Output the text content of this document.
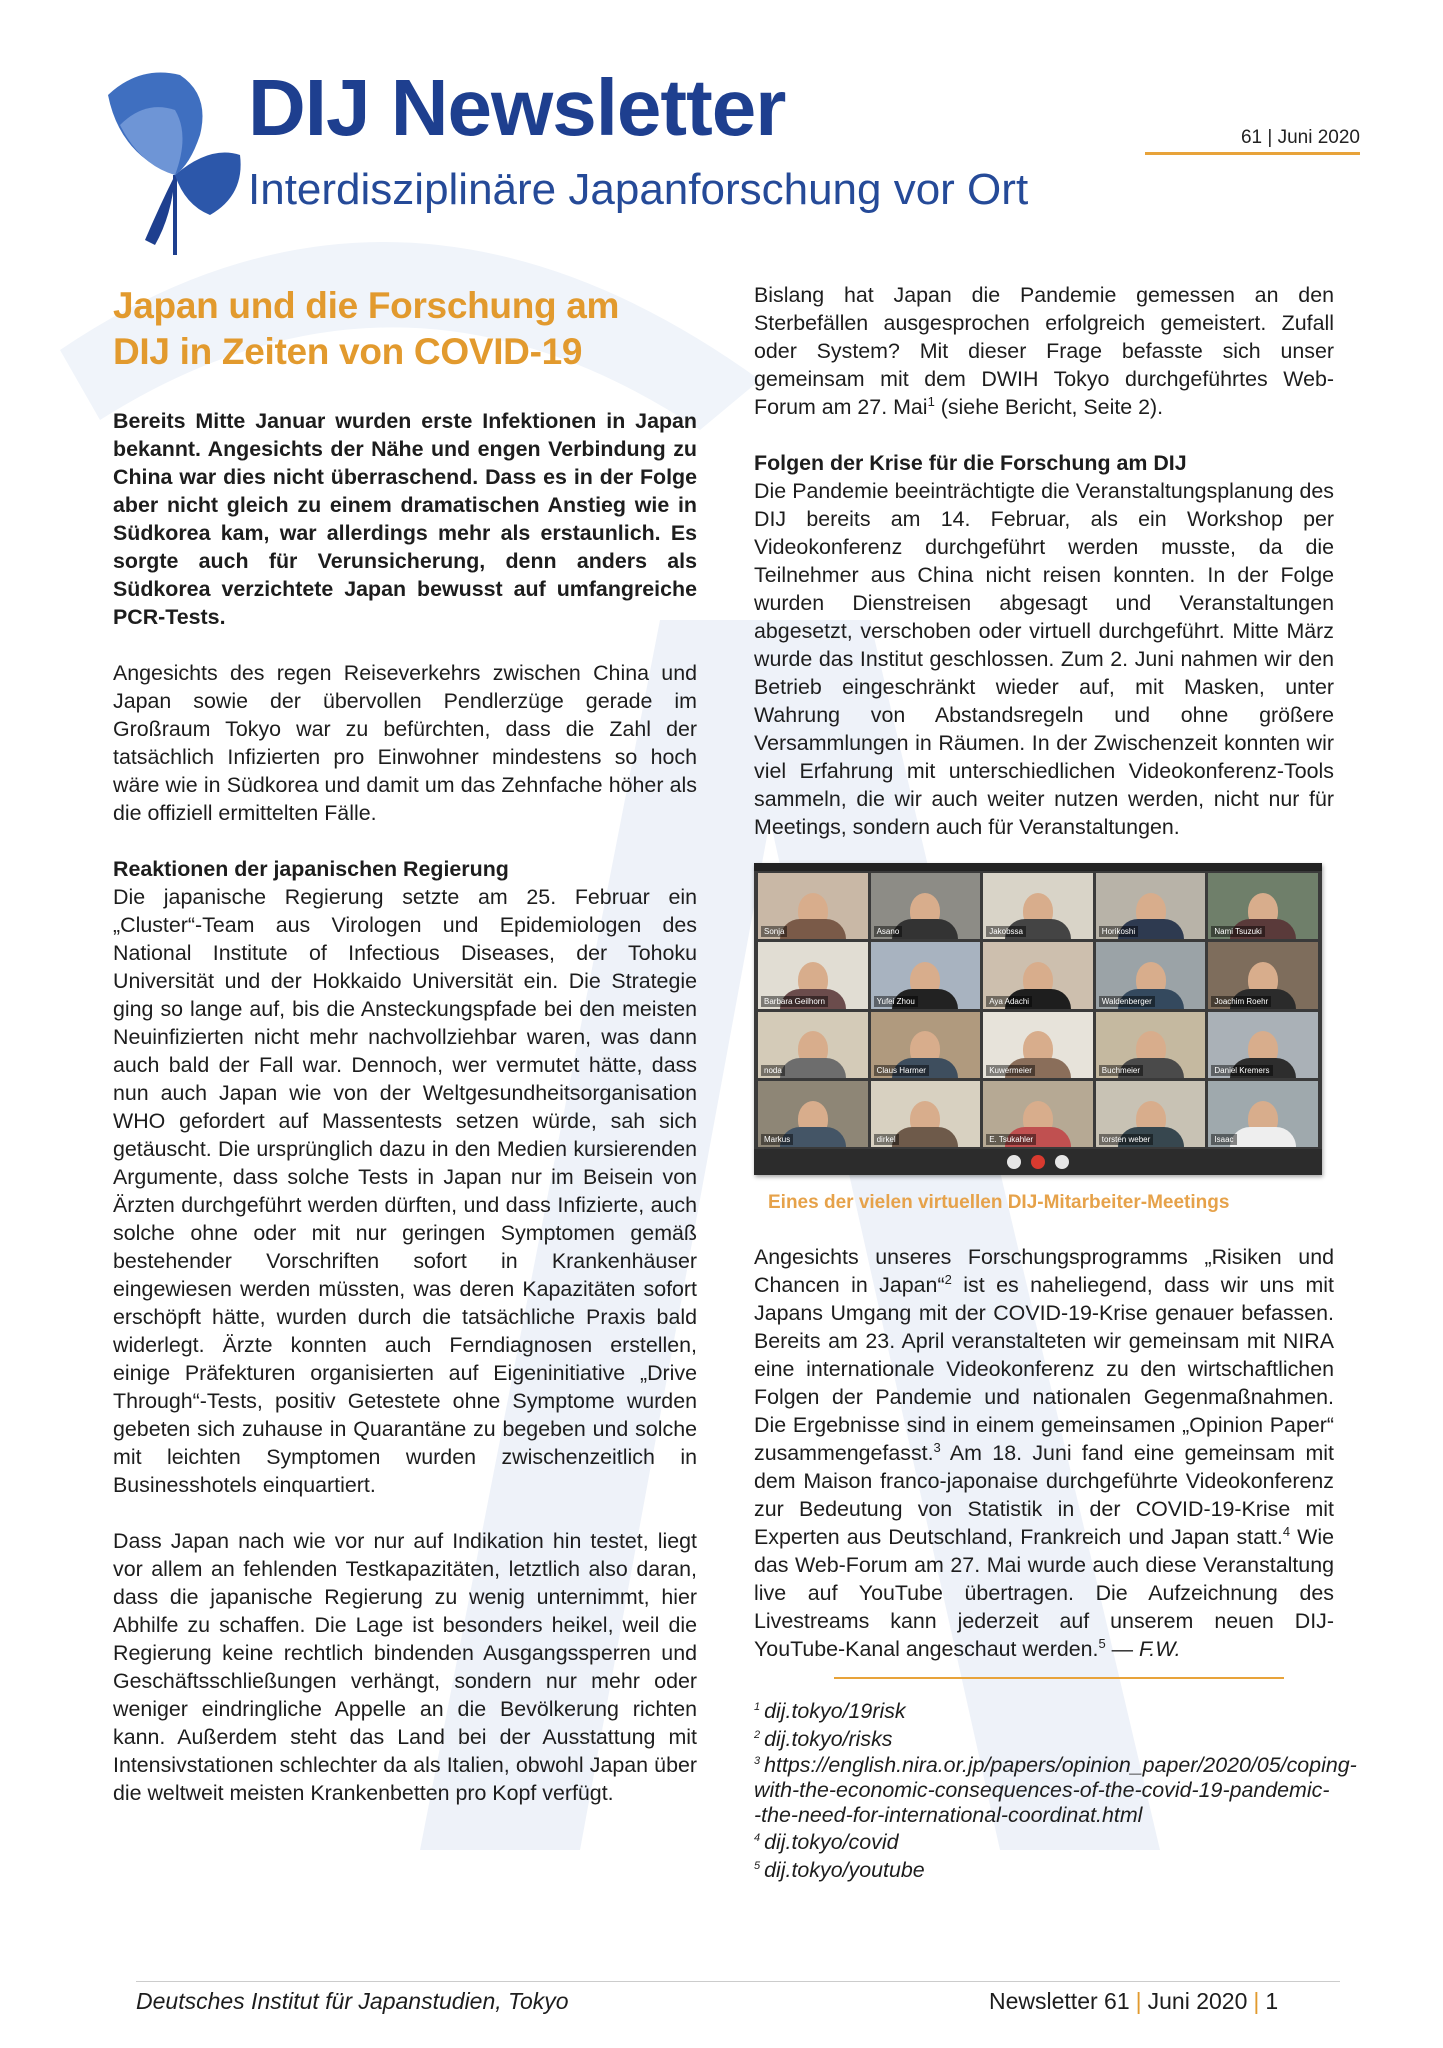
DIJ Newsletter
Interdisziplinäre Japanforschung vor Ort
61 | Juni 2020
Japan und die Forschung am
DIJ in Zeiten von COVID-19

Bereits Mitte Januar wurden erste Infektionen in Japan bekannt. Angesichts der Nähe und engen Verbindung zu China war dies nicht überraschend. Dass es in der Folge aber nicht gleich zu einem dramatischen Anstieg wie in Südkorea kam, war allerdings mehr als erstaunlich. Es sorgte auch für Verunsicherung, denn anders als Südkorea verzichtete Japan bewusst auf umfangreiche PCR-Tests.

Angesichts des regen Reiseverkehrs zwischen China und Japan sowie der übervollen Pendlerzüge gerade im Großraum Tokyo war zu befürchten, dass die Zahl der tatsächlich Infizierten pro Einwohner mindestens so hoch wäre wie in Südkorea und damit um das Zehnfache höher als die offiziell ermittelten Fälle.

Reaktionen der japanischen Regierung

Die japanische Regierung setzte am 25. Februar ein „Cluster“-Team aus Virologen und Epidemiologen des National Institute of Infectious Diseases, der Tohoku Universität und der Hokkaido Universität ein. Die Strategie ging so lange auf, bis die Ansteckungspfade bei den meisten Neuinfizierten nicht mehr nachvollziehbar waren, was dann auch bald der Fall war. Dennoch, wer vermutet hätte, dass nun auch Japan wie von der Weltgesundheitsorganisation WHO gefordert auf Massentests setzen würde, sah sich getäuscht. Die ursprünglich dazu in den Medien kursierenden Argumente, dass solche Tests in Japan nur im Beisein von Ärzten durchgeführt werden dürften, und dass Infizierte, auch solche ohne oder mit nur geringen Symptomen gemäß bestehender Vorschriften sofort in Krankenhäuser eingewiesen werden müssten, was deren Kapazitäten sofort erschöpft hätte, wurden durch die tatsächliche Praxis bald widerlegt. Ärzte konnten auch Ferndiagnosen erstellen, einige Präfekturen organisierten auf Eigeninitiative „Drive Through“-Tests, positiv Getestete ohne Symptome wurden gebeten sich zuhause in Quarantäne zu begeben und solche mit leichten Symptomen wurden zwischenzeitlich in Businesshotels einquartiert.

Dass Japan nach wie vor nur auf Indikation hin testet, liegt vor allem an fehlenden Testkapazitäten, letztlich also daran, dass die japanische Regierung zu wenig unternimmt, hier Abhilfe zu schaffen. Die Lage ist besonders heikel, weil die Regierung keine rechtlich bindenden Ausgangssperren und Geschäftsschließungen verhängt, sondern nur mehr oder weniger eindringliche Appelle an die Bevölkerung richten kann. Außerdem steht das Land bei der Ausstattung mit Intensivstationen schlechter da als Italien, obwohl Japan über die weltweit meisten Krankenbetten pro Kopf verfügt.

Bislang hat Japan die Pandemie gemessen an den Sterbefällen ausgesprochen erfolgreich gemeistert. Zufall oder System? Mit dieser Frage befasste sich unser gemeinsam mit dem DWIH Tokyo durchgeführtes Web-Forum am 27. Mai$^1$ (siehe Bericht, Seite 2).

Folgen der Krise für die Forschung am DIJ

Die Pandemie beeinträchtigte die Veranstaltungsplanung des DIJ bereits am 14. Februar, als ein Workshop per Videokonferenz durchgeführt werden musste, da die Teilnehmer aus China nicht reisen konnten. In der Folge wurden Dienstreisen abgesagt und Veranstaltungen abgesetzt, verschoben oder virtuell durchgeführt. Mitte März wurde das Institut geschlossen. Zum 2. Juni nahmen wir den Betrieb eingeschränkt wieder auf, mit Masken, unter Wahrung von Abstandsregeln und ohne größere Versammlungen in Räumen. In der Zwischenzeit konnten wir viel Erfahrung mit unterschiedlichen Videokonferenz-Tools sammeln, die wir auch weiter nutzen werden, nicht nur für Meetings, sondern auch für Veranstaltungen.

Sonja	Asano	Jakobssa	Horikoshi	Nami Tsuzuki
Barbara Geilhorn	Yufei Zhou	Aya Adachi	Waldenberger	Joachim Roehr
noda	Claus Harmer	Kuwermeier	Buchmeier	Daniel Kremers
Markus	dirkel	E. Tsukahler	torsten weber	Isaac
Eines der vielen virtuellen DIJ-Mitarbeiter-Meetings

Angesichts unseres Forschungsprogramms „Risiken und Chancen in Japan“$^2$ ist es naheliegend, dass wir uns mit Japans Umgang mit der COVID-19-Krise genauer befassen. Bereits am 23. April veranstalteten wir gemeinsam mit NIRA eine internationale Videokonferenz zu den wirtschaftlichen Folgen der Pandemie und nationalen Gegenmaßnahmen. Die Ergebnisse sind in einem gemeinsamen „Opinion Paper“ zusammengefasst.$^3$ Am 18. Juni fand eine gemeinsam mit dem Maison franco-japonaise durchgeführte Videokonferenz zur Bedeutung von Statistik in der COVID-19-Krise mit Experten aus Deutschland, Frankreich und Japan statt.$^4$ Wie das Web-Forum am 27. Mai wurde auch diese Veranstaltung live auf YouTube übertragen. Die Aufzeichnung des Livestreams kann jederzeit auf unserem neuen DIJ-YouTube-Kanal angeschaut werden.$^5$ — F.W.

$^1$ dij.tokyo/19risk

$^2$ dij.tokyo/risks

$^3$ https://english.nira.or.jp/papers/opinion_paper/2020/05/coping-with-the-economic-consequences-of-the-covid-19-pandemic--the-need-for-international-coordinat.html

$^4$ dij.tokyo/covid

$^5$ dij.tokyo/youtube

Deutsches Institut für Japanstudien, Tokyo	Newsletter 61 | Juni 2020 | 1
